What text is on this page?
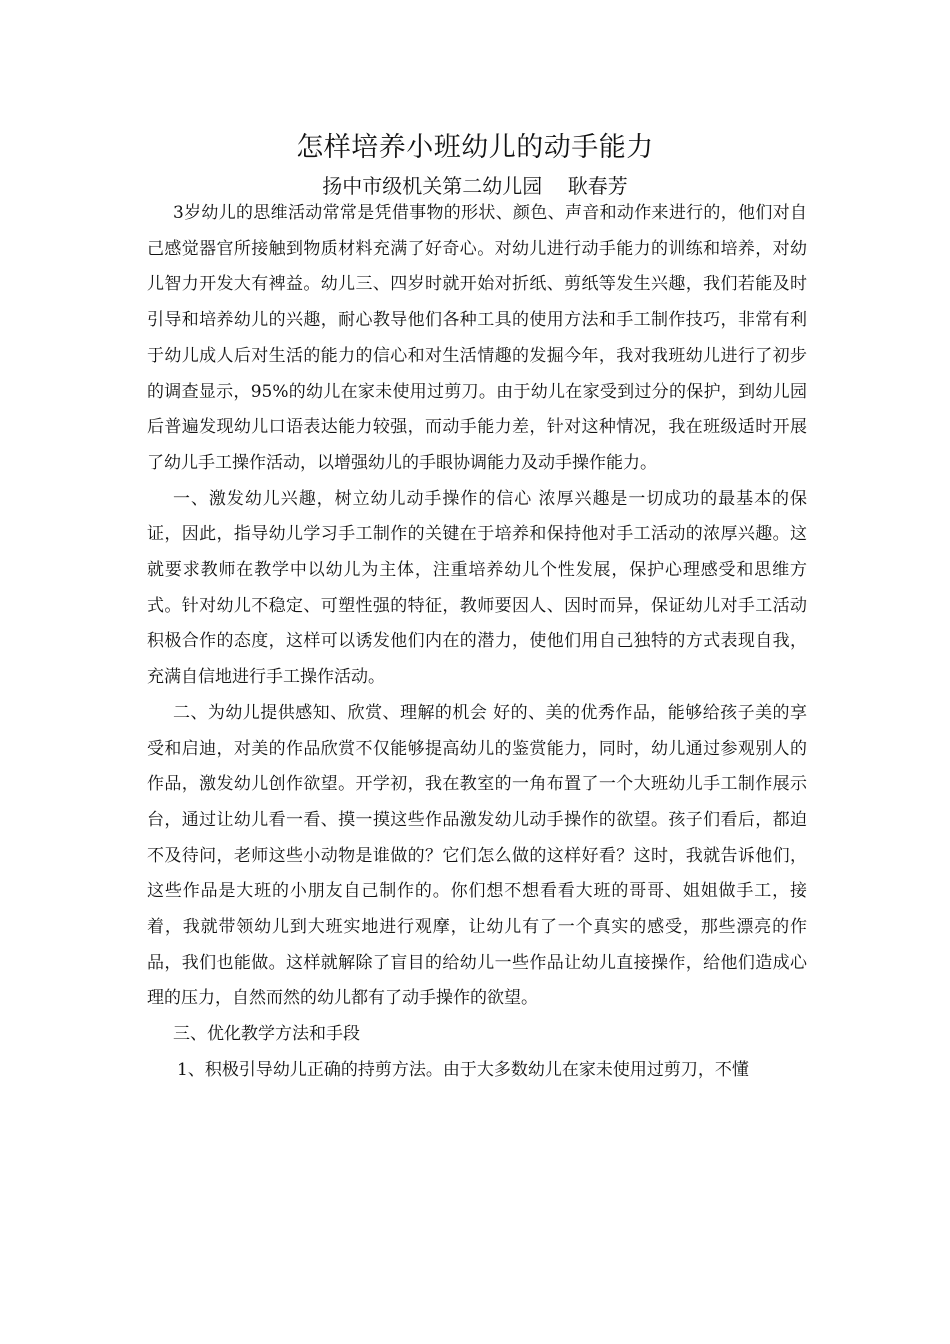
怎样培养小班幼儿的动手能力
扬中市级机关第二幼儿园    耿春芳

3岁幼儿的思维活动常常是凭借事物的形状、颜色、声音和动作来进行的，他们对自己感觉器官所接触到物质材料充满了好奇心。对幼儿进行动手能力的训练和培养，对幼儿智力开发大有裨益。幼儿三、四岁时就开始对折纸、剪纸等发生兴趣，我们若能及时引导和培养幼儿的兴趣，耐心教导他们各种工具的使用方法和手工制作技巧，非常有利于幼儿成人后对生活的能力的信心和对生活情趣的发掘今年，我对我班幼儿进行了初步的调查显示，95%的幼儿在家未使用过剪刀。由于幼儿在家受到过分的保护，到幼儿园后普遍发现幼儿口语表达能力较强，而动手能力差，针对这种情况，我在班级适时开展了幼儿手工操作活动，以增强幼儿的手眼协调能力及动手操作能力。

一、激发幼儿兴趣，树立幼儿动手操作的信心 浓厚兴趣是一切成功的最基本的保证，因此，指导幼儿学习手工制作的关键在于培养和保持他对手工活动的浓厚兴趣。这就要求教师在教学中以幼儿为主体，注重培养幼儿个性发展，保护心理感受和思维方式。针对幼儿不稳定、可塑性强的特征，教师要因人、因时而异，保证幼儿对手工活动积极合作的态度，这样可以诱发他们内在的潜力，使他们用自己独特的方式表现自我，充满自信地进行手工操作活动。

二、为幼儿提供感知、欣赏、理解的机会 好的、美的优秀作品，能够给孩子美的享受和启迪，对美的作品欣赏不仅能够提高幼儿的鉴赏能力，同时，幼儿通过参观别人的作品，激发幼儿创作欲望。开学初，我在教室的一角布置了一个大班幼儿手工制作展示台，通过让幼儿看一看、摸一摸这些作品激发幼儿动手操作的欲望。孩子们看后，都迫不及待问，老师这些小动物是谁做的？它们怎么做的这样好看？这时，我就告诉他们，这些作品是大班的小朋友自己制作的。你们想不想看看大班的哥哥、姐姐做手工，接着，我就带领幼儿到大班实地进行观摩，让幼儿有了一个真实的感受，那些漂亮的作品，我们也能做。这样就解除了盲目的给幼儿一些作品让幼儿直接操作，给他们造成心理的压力，自然而然的幼儿都有了动手操作的欲望。

三、优化教学方法和手段

1、积极引导幼儿正确的持剪方法。由于大多数幼儿在家未使用过剪刀，不懂
